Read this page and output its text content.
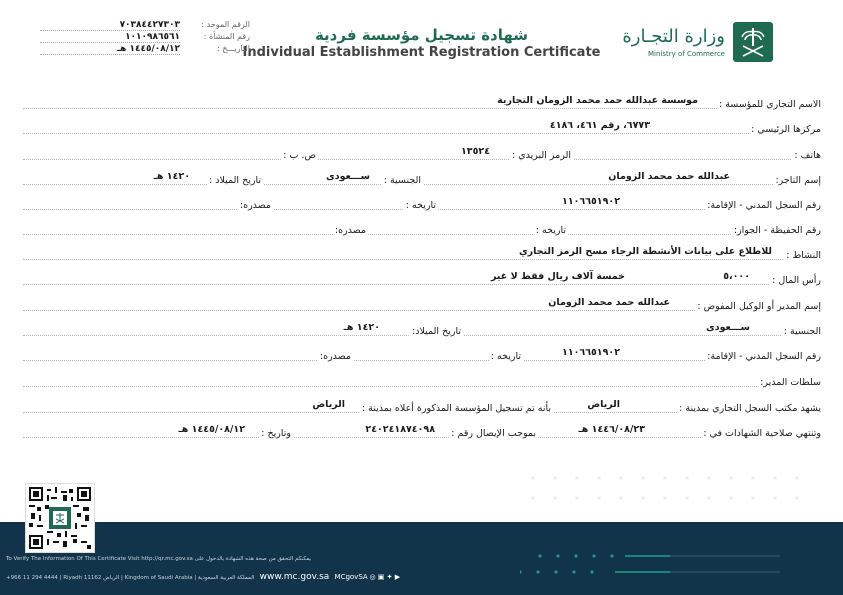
وزارة التجـارة
Ministry of Commerce
شهادة تسجيل مؤسسة فردية
Individual Establishment Registration Certificate
الرقم الموحد :
٧٠٣٨٤٤٢٧٣٠٣
رقم المنشأة :
١٠١٠٩٨٦٥٦١
التاريـــخ :
١٤٤٥/٠٨/١٢ هـ
الاسم التجاري للمؤسسة :
موسسة عبدالله حمد محمد الزومان التجارية
مركزها الرئيسي :
٦٧٧٣، رقم ٤٦١، ٤١٨٦
هاتف :
الرمز البريدي :
١٣٥٢٤
ص. ب :
إسم التاجر:
عبدالله حمد محمد الزومان
الجنسية :
ســـعودى
تاريخ الميلاد :
١٤٢٠ هـ
رقم السجل المدني - الإقامة:
١١٠٦٦٥١٩٠٢
تاريخه :
مصدره:
رقم الحفيظة - الجواز:
تاريخه :
مصدره:
النشاط :
للاطلاع على بيانات الأنشطة الرجاء مسح الرمز التجاري
رأس المال :
٥،٠٠٠
خمسة آلاف ريال فقط لا غير
إسم المدير أو الوكيل المفوض :
عبدالله حمد محمد الزومان
الجنسية :
ســـعودى
تاريخ الميلاد:
١٤٢٠ هـ
رقم السجل المدني - الإقامة:
١١٠٦٦٥١٩٠٢
تاريخه :
مصدره:
سلطات المدير:
يشهد مكتب السجل التجاري بمدينة :
الرياض
بأنه تم تسجيل المؤسسة المذكورة أعلاه بمدينة :
الرياض
وتنتهي صلاحية الشهادات في :
١٤٤٦/٠٨/٢٣ هـ
بموجب الإيصال رقم :
٢٤٠٢٤١٨٧٤٠٩٨
وتاريخ :
١٤٤٥/٠٨/١٢ هـ
To Verify The Information Of This Certificate Visit http://qr.mc.gov.sa يمكنكم التحقق من صحة هذه الشهادة بالدخول على
+966 11 294 4444 | Riyadh 11162 الرياض | Kingdom of Saudi Arabia | المملكة العربية السعودية www.mc.gov.sa MCgovSA ◎ ▣ ✦ ▶
